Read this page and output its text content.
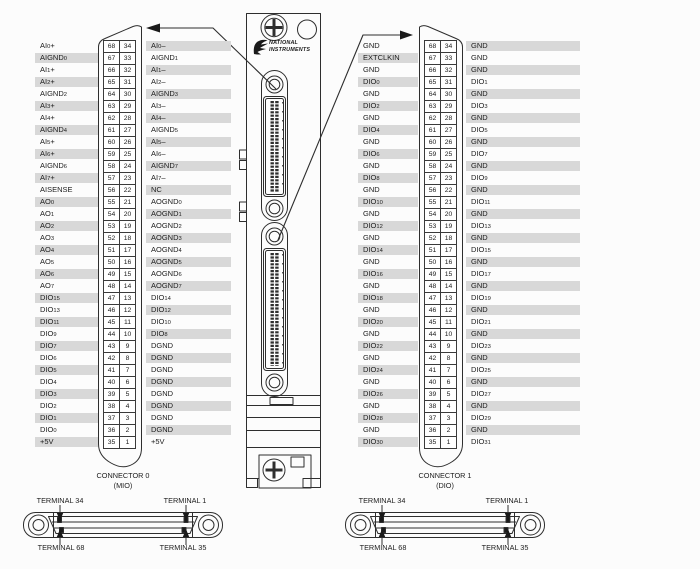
NATIONAL
INSTRUMENTS
AI0+	68	34	AI0–
AIGND0	67	33	AIGND1
AI1+	66	32	AI1–
AI2+	65	31	AI2–
AIGND2	64	30	AIGND3
AI3+	63	29	AI3–
AI4+	62	28	AI4–
AIGND4	61	27	AIGND5
AI5+	60	26	AI5–
AI6+	59	25	AI6–
AIGND6	58	24	AIGND7
AI7+	57	23	AI7–
AISENSE	56	22	NC
AO0	55	21	AOGND0
AO1	54	20	AOGND1
AO2	53	19	AOGND2
AO3	52	18	AOGND3
AO4	51	17	AOGND4
AO5	50	16	AOGND5
AO6	49	15	AOGND6
AO7	48	14	AOGND7
DIO15	47	13	DIO14
DIO13	46	12	DIO12
DIO11	45	11	DIO10
DIO9	44	10	DIO8
DIO7	43	9	DGND
DIO6	42	8	DGND
DIO5	41	7	DGND
DIO4	40	6	DGND
DIO3	39	5	DGND
DIO2	38	4	DGND
DIO1	37	3	DGND
DIO0	36	2	DGND
+5V	35	1	+5V
GND	68	34	GND
EXTCLKIN	67	33	GND
GND	66	32	GND
DIO0	65	31	DIO1
GND	64	30	GND
DIO2	63	29	DIO3
GND	62	28	GND
DIO4	61	27	DIO5
GND	60	26	GND
DIO6	59	25	DIO7
GND	58	24	GND
DIO8	57	23	DIO9
GND	56	22	GND
DIO10	55	21	DIO11
GND	54	20	GND
DIO12	53	19	DIO13
GND	52	18	GND
DIO14	51	17	DIO15
GND	50	16	GND
DIO16	49	15	DIO17
GND	48	14	GND
DIO18	47	13	DIO19
GND	46	12	GND
DIO20	45	11	DIO21
GND	44	10	GND
DIO22	43	9	DIO23
GND	42	8	GND
DIO24	41	7	DIO25
GND	40	6	GND
DIO26	39	5	DIO27
GND	38	4	GND
DIO28	37	3	DIO29
GND	36	2	GND
DIO30	35	1	DIO31
CONNECTOR 0
(MIO)
CONNECTOR 1
(DIO)
TERMINAL 34	TERMINAL 1
TERMINAL 68	TERMINAL 35
TERMINAL 34	TERMINAL 1
TERMINAL 68	TERMINAL 35
